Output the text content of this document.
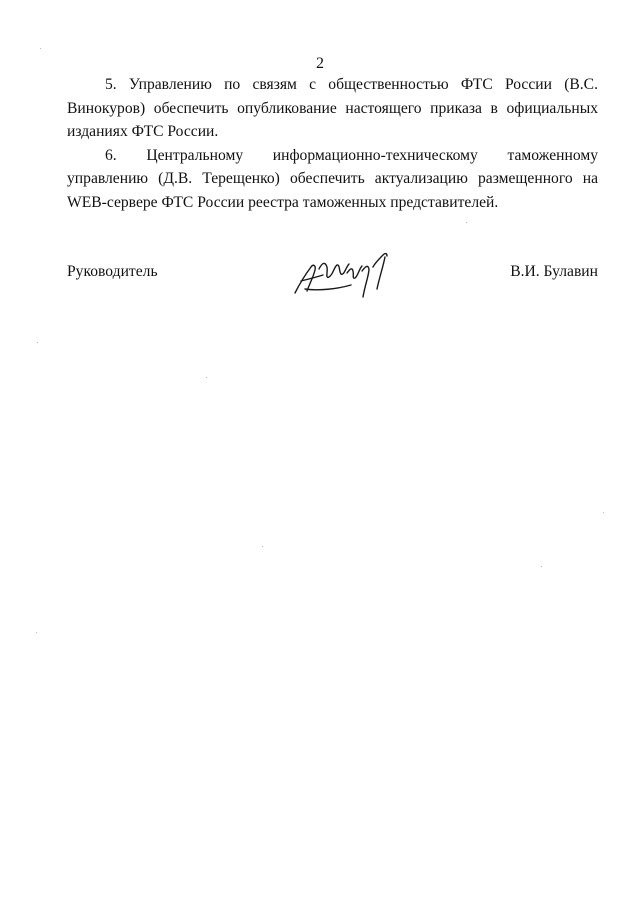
2

5. Управлению по связям с общественностью ФТС России (В.С. Винокуров) обеспечить опубликование настоящего приказа в официальных изданиях ФТС России.

6. Центральному информационно-техническому таможенному управлению (Д.В. Терещенко) обеспечить актуализацию размещенного на WEB-сервере ФТС России реестра таможенных представителей.

Руководитель	В.И. Булавин
